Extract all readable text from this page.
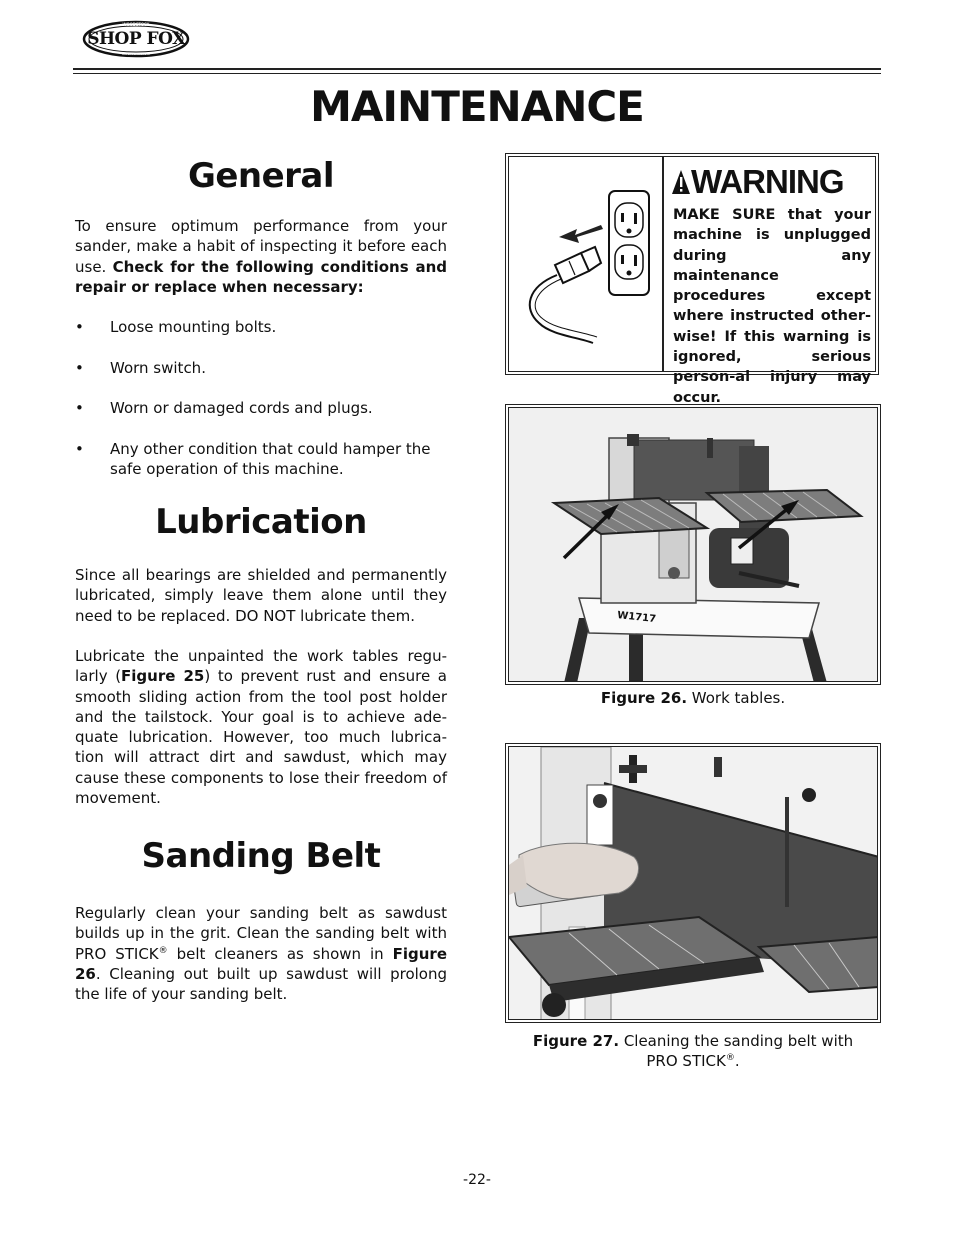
WOODSTOCK
INTERNATIONAL
SHOP FOX
MAINTENANCE
General
To ensure optimum performance from your sander, make a habit of inspecting it before each use. Check for the following conditions and repair or replace when necessary:
• Loose mounting bolts.
• Worn switch.
• Worn or damaged cords and plugs.
• Any other condition that could hamper the safe operation of this machine.
Lubrication
Since all bearings are shielded and permanently lubricated, simply leave them alone until they need to be replaced. DO NOT lubricate them.
Lubricate the unpainted the work tables regu-larly (Figure 25) to prevent rust and ensure a smooth sliding action from the tool post holder and the tailstock. Your goal is to achieve ade-quate lubrication. However, too much lubrica-tion will attract dirt and sawdust, which may cause these components to lose their freedom of movement.
Sanding Belt
Regularly clean your sanding belt as sawdust builds up in the grit. Clean the sanding belt with PRO STICK® belt cleaners as shown in Figure 26. Cleaning out built up sawdust will prolong the life of your sanding belt.
WARNING
MAKE SURE that your machine is unplugged during any maintenance procedures except where instructed other-wise! If this warning is ignored, serious person-al injury may occur.
W1717
Figure 26. Work tables.
Figure 27. Cleaning the sanding belt with
PRO STICK®.
-22-
